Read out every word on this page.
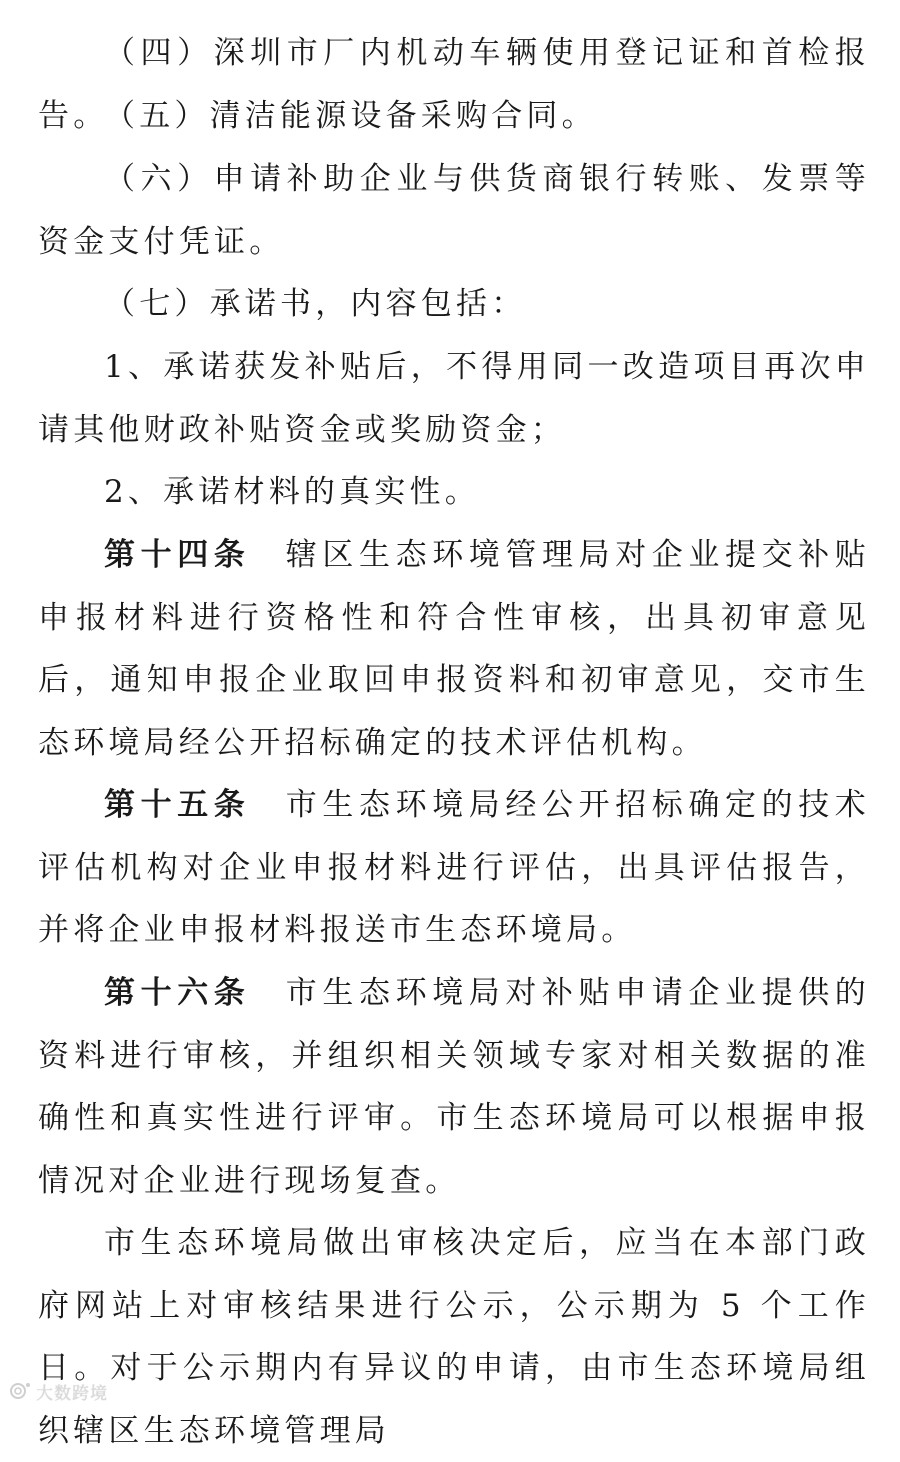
（四）深圳市厂内机动车辆使用登记证和首检报告。

（五）清洁能源设备采购合同。

（六）申请补助企业与供货商银行转账、发票等资金支付凭证。

（七）承诺书，内容包括：

1、承诺获发补贴后，不得用同一改造项目再次申请其他财政补贴资金或奖励资金；

2、承诺材料的真实性。

第十四条 辖区生态环境管理局对企业提交补贴申报材料进行资格性和符合性审核，出具初审意见后，通知申报企业取回申报资料和初审意见，交市生态环境局经公开招标确定的技术评估机构。

第十五条 市生态环境局经公开招标确定的技术评估机构对企业申报材料进行评估，出具评估报告，并将企业申报材料报送市生态环境局。

第十六条 市生态环境局对补贴申请企业提供的资料进行审核，并组织相关领域专家对相关数据的准确性和真实性进行评审。市生态环境局可以根据申报情况对企业进行现场复查。

市生态环境局做出审核决定后，应当在本部门政府网站上对审核结果进行公示，公示期为 5 个工作日。对于公示期内有异议的申请，由市生态环境局组织辖区生态环境管理局

大数跨境
